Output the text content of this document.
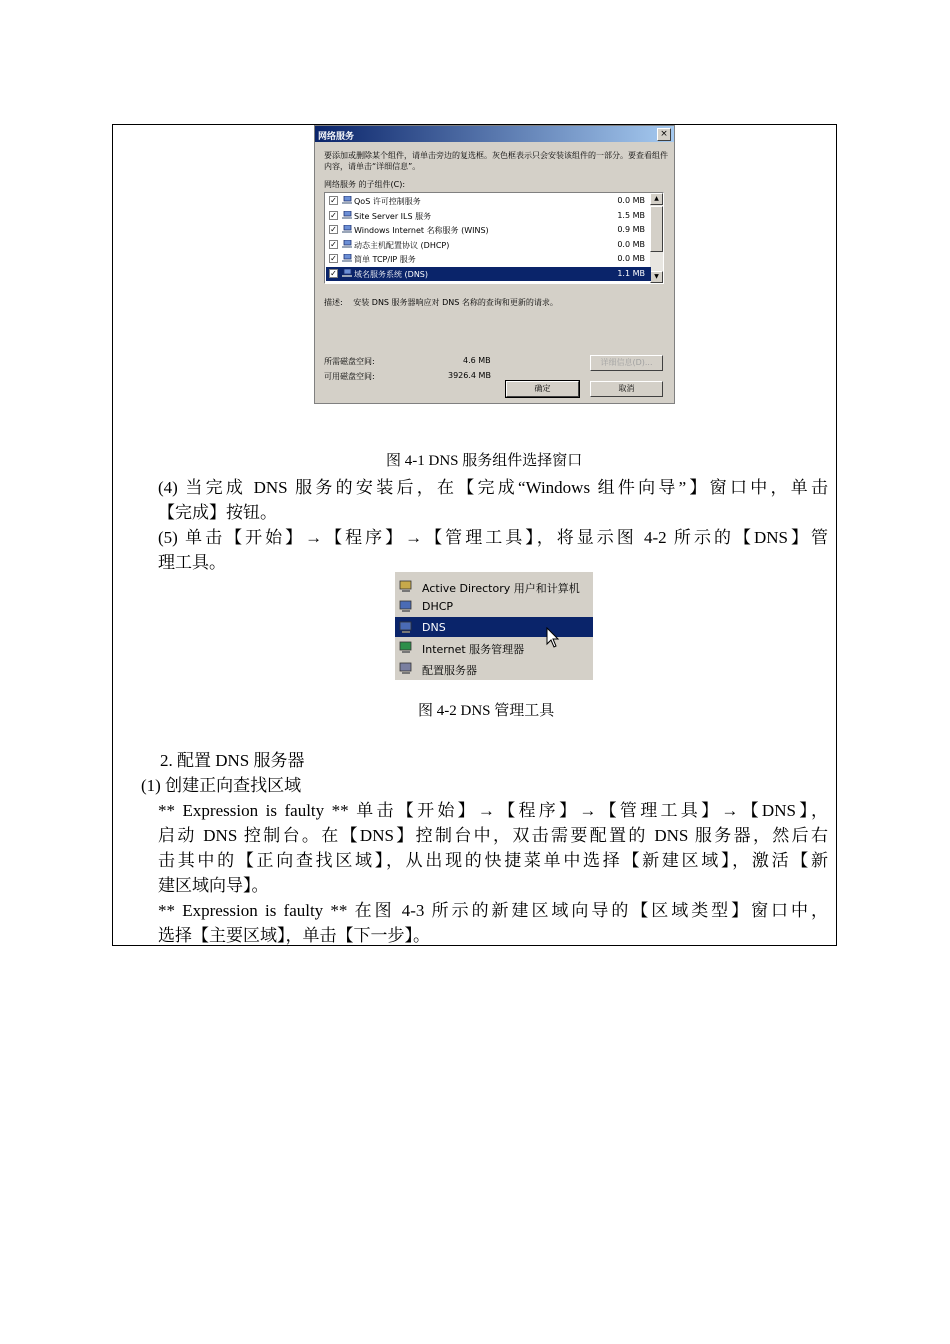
网络服务	×
要添加或删除某个组件，请单击旁边的复选框。灰色框表示只会安装该组件的一部分。要查看组件内容，请单击“详细信息”。
网络服务 的子组件(C):
▲
▼
✓ QoS 许可控制服务	0.0 MB
✓ Site Server ILS 服务	1.5 MB
✓ Windows Internet 名称服务 (WINS)	0.9 MB
✓ 动态主机配置协议 (DHCP)	0.0 MB
✓ 简单 TCP/IP 服务	0.0 MB
✓ 域名服务系统 (DNS)	1.1 MB
描述: 安装 DNS 服务器响应对 DNS 名称的查询和更新的请求。
所需磁盘空间:	4.6 MB
可用磁盘空间:	3926.4 MB
详细信息(D)...
确定	取消
图 4-1 DNS 服务组件选择窗口
(4) 当完成 DNS 服务的安装后，在【完成“Windows 组件向导”】窗口中，单击
【完成】按钮。
(5) 单击【开始】→【程序】→【管理工具】，将显示图 4-2 所示的【DNS】管
理工具。
Active Directory 用户和计算机
DHCP
DNS
Internet 服务管理器
配置服务器
图 4-2 DNS 管理工具
2. 配置 DNS 服务器
(1) 创建正向查找区域
** Expression is faulty ** 单击【开始】→【程序】→【管理工具】→【DNS】，
启动 DNS 控制台。在【DNS】控制台中，双击需要配置的 DNS 服务器，然后右
击其中的【正向查找区域】，从出现的快捷菜单中选择【新建区域】，激活【新
建区域向导】。
** Expression is faulty ** 在图 4-3 所示的新建区域向导的【区域类型】窗口中，
选择【主要区域】，单击【下一步】。
